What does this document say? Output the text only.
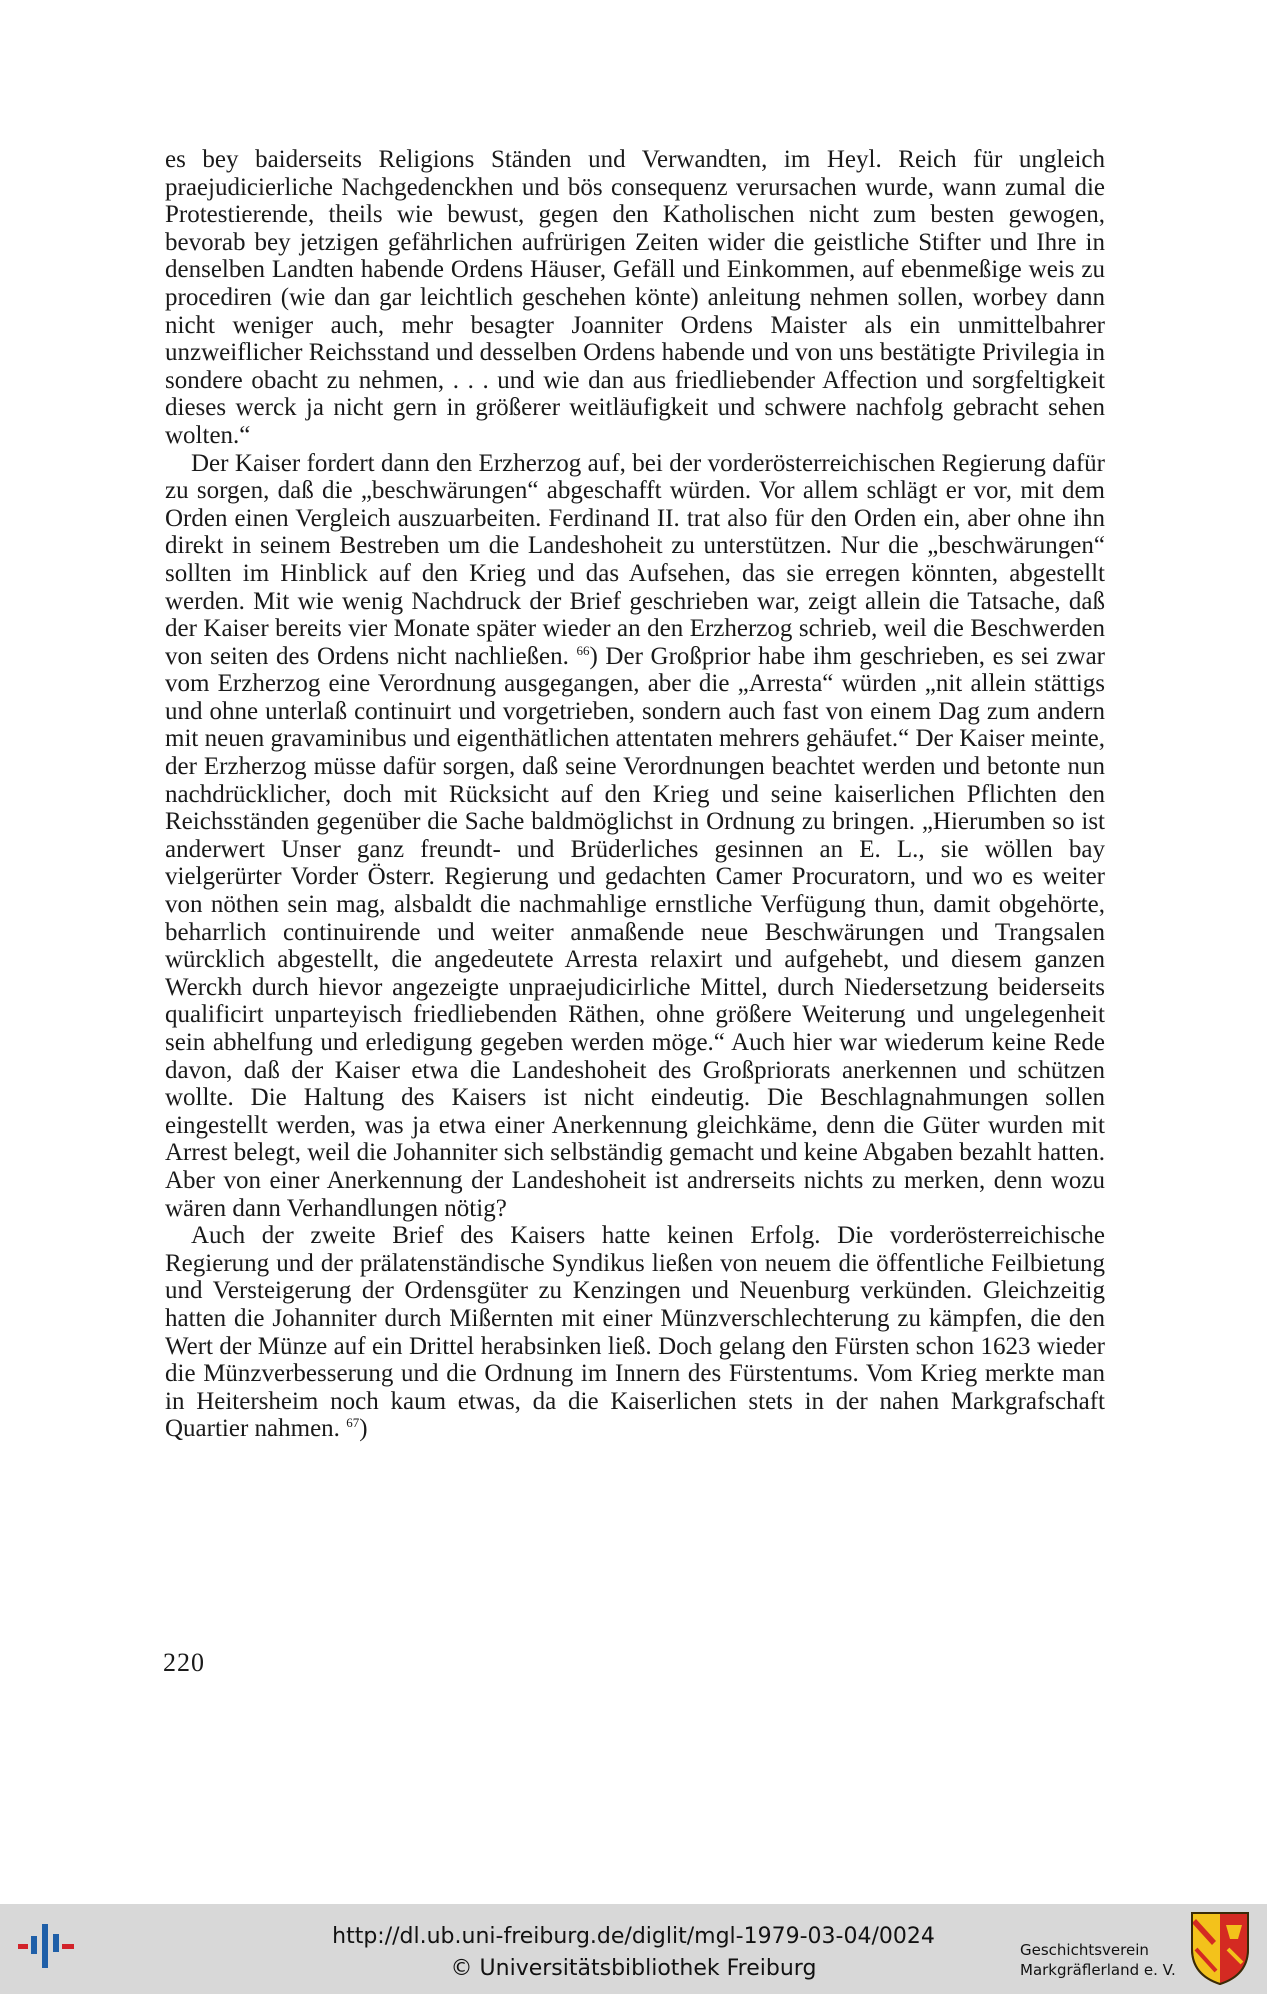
es bey baiderseits Religions Ständen und Verwandten, im Heyl. Reich für ungleich praejudicierliche Nachgedenckhen und bös consequenz verursachen wurde, wann zumal die Protestierende, theils wie bewust, gegen den Katholischen nicht zum besten gewogen, bevorab bey jetzigen gefährlichen aufrürigen Zeiten wider die geistliche Stifter und Ihre in denselben Landten habende Ordens Häuser, Gefäll und Einkommen, auf ebenmeßige weis zu procediren (wie dan gar leichtlich geschehen könte) anleitung nehmen sollen, worbey dann nicht weniger auch, mehr besagter Joanniter Ordens Maister als ein unmittelbahrer unzweiflicher Reichsstand und desselben Ordens habende und von uns bestätigte Privilegia in sondere obacht zu nehmen, . . . und wie dan aus friedliebender Affection und sorgfeltigkeit dieses werck ja nicht gern in größerer weitläufigkeit und schwere nachfolg gebracht sehen wolten.“

Der Kaiser fordert dann den Erzherzog auf, bei der vorderösterreichischen Regierung dafür zu sorgen, daß die „beschwärungen“ abgeschafft würden. Vor allem schlägt er vor, mit dem Orden einen Vergleich auszuarbeiten. Ferdinand II. trat also für den Orden ein, aber ohne ihn direkt in seinem Bestreben um die Landeshoheit zu unterstützen. Nur die „beschwärungen“ sollten im Hinblick auf den Krieg und das Aufsehen, das sie erregen könnten, abgestellt werden. Mit wie wenig Nachdruck der Brief geschrieben war, zeigt allein die Tatsache, daß der Kaiser bereits vier Monate später wieder an den Erzherzog schrieb, weil die Beschwerden von seiten des Ordens nicht nachließen. $^{66}$) Der Großprior habe ihm geschrieben, es sei zwar vom Erzherzog eine Verordnung ausgegangen, aber die „Arresta“ würden „nit allein stättigs und ohne unterlaß continuirt und vorgetrieben, sondern auch fast von einem Dag zum andern mit neuen gravaminibus und eigenthätlichen attentaten mehrers gehäufet.“ Der Kaiser meinte, der Erzherzog müsse dafür sorgen, daß seine Verordnungen beachtet werden und betonte nun nachdrücklicher, doch mit Rücksicht auf den Krieg und seine kaiserlichen Pflichten den Reichsständen gegenüber die Sache baldmöglichst in Ordnung zu bringen. „Hierumben so ist anderwert Unser ganz freundt- und Brüderliches gesinnen an E. L., sie wöllen bay vielgerürter Vorder Österr. Regierung und gedachten Camer Procuratorn, und wo es weiter von nöthen sein mag, alsbaldt die nachmahlige ernstliche Verfügung thun, damit obgehörte, beharrlich continuirende und weiter anmaßende neue Beschwärungen und Trangsalen würcklich abgestellt, die angedeutete Arresta relaxirt und aufgehebt, und diesem ganzen Werckh durch hievor angezeigte unpraejudicirliche Mittel, durch Niedersetzung beiderseits qualificirt unparteyisch friedliebenden Räthen, ohne größere Weiterung und ungelegenheit sein abhelfung und erledigung gegeben werden möge.“ Auch hier war wiederum keine Rede davon, daß der Kaiser etwa die Landeshoheit des Großpriorats anerkennen und schützen wollte. Die Haltung des Kaisers ist nicht eindeutig. Die Beschlagnahmungen sollen eingestellt werden, was ja etwa einer Anerkennung gleichkäme, denn die Güter wurden mit Arrest belegt, weil die Johanniter sich selbständig gemacht und keine Abgaben bezahlt hatten. Aber von einer Anerkennung der Landeshoheit ist andrerseits nichts zu merken, denn wozu wären dann Verhandlungen nötig?

Auch der zweite Brief des Kaisers hatte keinen Erfolg. Die vorderösterreichische Regierung und der prälatenständische Syndikus ließen von neuem die öffentliche Feilbietung und Versteigerung der Ordensgüter zu Kenzingen und Neuenburg verkünden. Gleichzeitig hatten die Johanniter durch Mißernten mit einer Münzverschlechterung zu kämpfen, die den Wert der Münze auf ein Drittel herabsinken ließ. Doch gelang den Fürsten schon 1623 wieder die Münzverbesserung und die Ordnung im Innern des Fürstentums. Vom Krieg merkte man in Heitersheim noch kaum etwas, da die Kaiserlichen stets in der nahen Markgrafschaft Quartier nahmen. $^{67}$)

220
http://dl.ub.uni-freiburg.de/diglit/mgl-1979-03-04/0024
© Universitätsbibliothek Freiburg
Geschichtsverein
Markgräflerland e. V.
